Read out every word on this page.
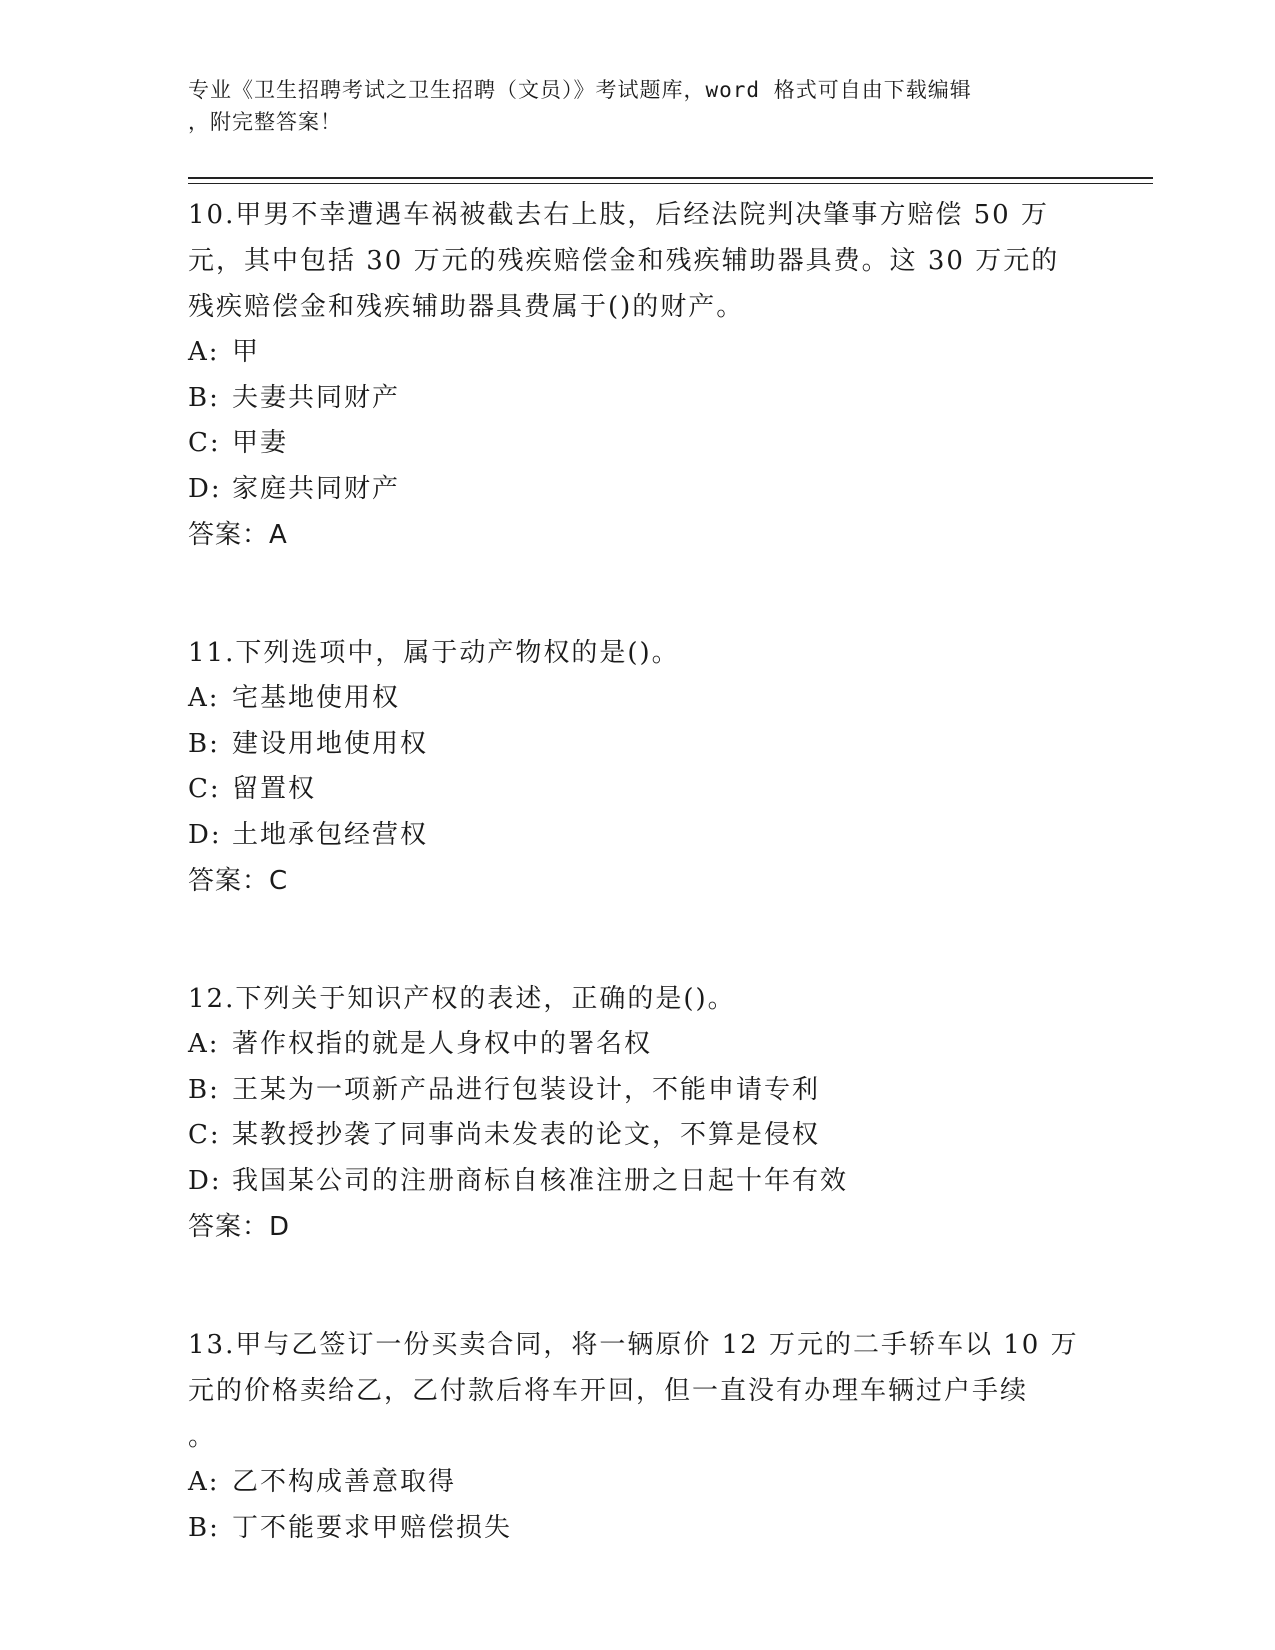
专业《卫生招聘考试之卫生招聘（文员）》考试题库，word 格式可自由下载编辑
，附完整答案！
10.甲男不幸遭遇车祸被截去右上肢，后经法院判决肇事方赔偿 50 万
元，其中包括 30 万元的残疾赔偿金和残疾辅助器具费。这 30 万元的
残疾赔偿金和残疾辅助器具费属于()的财产。
A: 甲
B: 夫妻共同财产
C: 甲妻
D: 家庭共同财产
答案：A
11.下列选项中，属于动产物权的是()。
A: 宅基地使用权
B: 建设用地使用权
C: 留置权
D: 土地承包经营权
答案：C
12.下列关于知识产权的表述，正确的是()。
A: 著作权指的就是人身权中的署名权
B: 王某为一项新产品进行包装设计，不能申请专利
C: 某教授抄袭了同事尚未发表的论文，不算是侵权
D: 我国某公司的注册商标自核准注册之日起十年有效
答案：D
13.甲与乙签订一份买卖合同，将一辆原价 12 万元的二手轿车以 10 万
元的价格卖给乙，乙付款后将车开回，但一直没有办理车辆过户手续
。
A: 乙不构成善意取得
B: 丁不能要求甲赔偿损失
